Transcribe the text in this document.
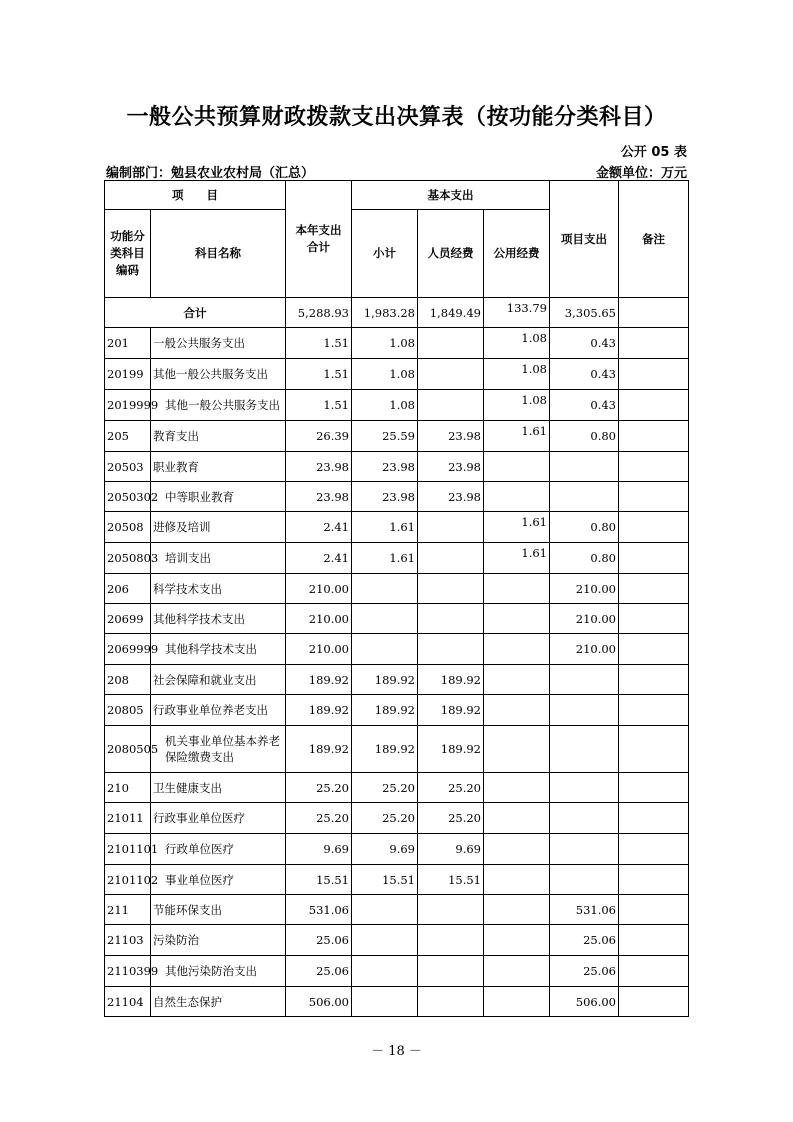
一般公共预算财政拨款支出决算表（按功能分类科目）
公开 05 表
编制部门：勉县农业农村局（汇总）	金额单位：万元
项　　目		本年支出合计	基本支出			项目支出	备注
功能分类科目编码	科目名称		小计	人员经费	公用经费		
合计		5,288.93	1,983.28	1,849.49	133.79	3,305.65	
201	一般公共服务支出	1.51	1.08		1.08	0.43	
20199	其他一般公共服务支出	1.51	1.08		1.08	0.43	
2019999	其他一般公共服务支出	1.51	1.08		1.08	0.43	
205	教育支出	26.39	25.59	23.98	1.61	0.80	
20503	职业教育	23.98	23.98	23.98			
2050302	中等职业教育	23.98	23.98	23.98			
20508	进修及培训	2.41	1.61		1.61	0.80	
2050803	培训支出	2.41	1.61		1.61	0.80	
206	科学技术支出	210.00				210.00	
20699	其他科学技术支出	210.00				210.00	
2069999	其他科学技术支出	210.00				210.00	
208	社会保障和就业支出	189.92	189.92	189.92			
20805	行政事业单位养老支出	189.92	189.92	189.92			
2080505	机关事业单位基本养老保险缴费支出	189.92	189.92	189.92			
210	卫生健康支出	25.20	25.20	25.20			
21011	行政事业单位医疗	25.20	25.20	25.20			
2101101	行政单位医疗	9.69	9.69	9.69			
2101102	事业单位医疗	15.51	15.51	15.51			
211	节能环保支出	531.06				531.06	
21103	污染防治	25.06				25.06	
2110399	其他污染防治支出	25.06				25.06	
21104	自然生态保护	506.00				506.00	
－ 18 －
